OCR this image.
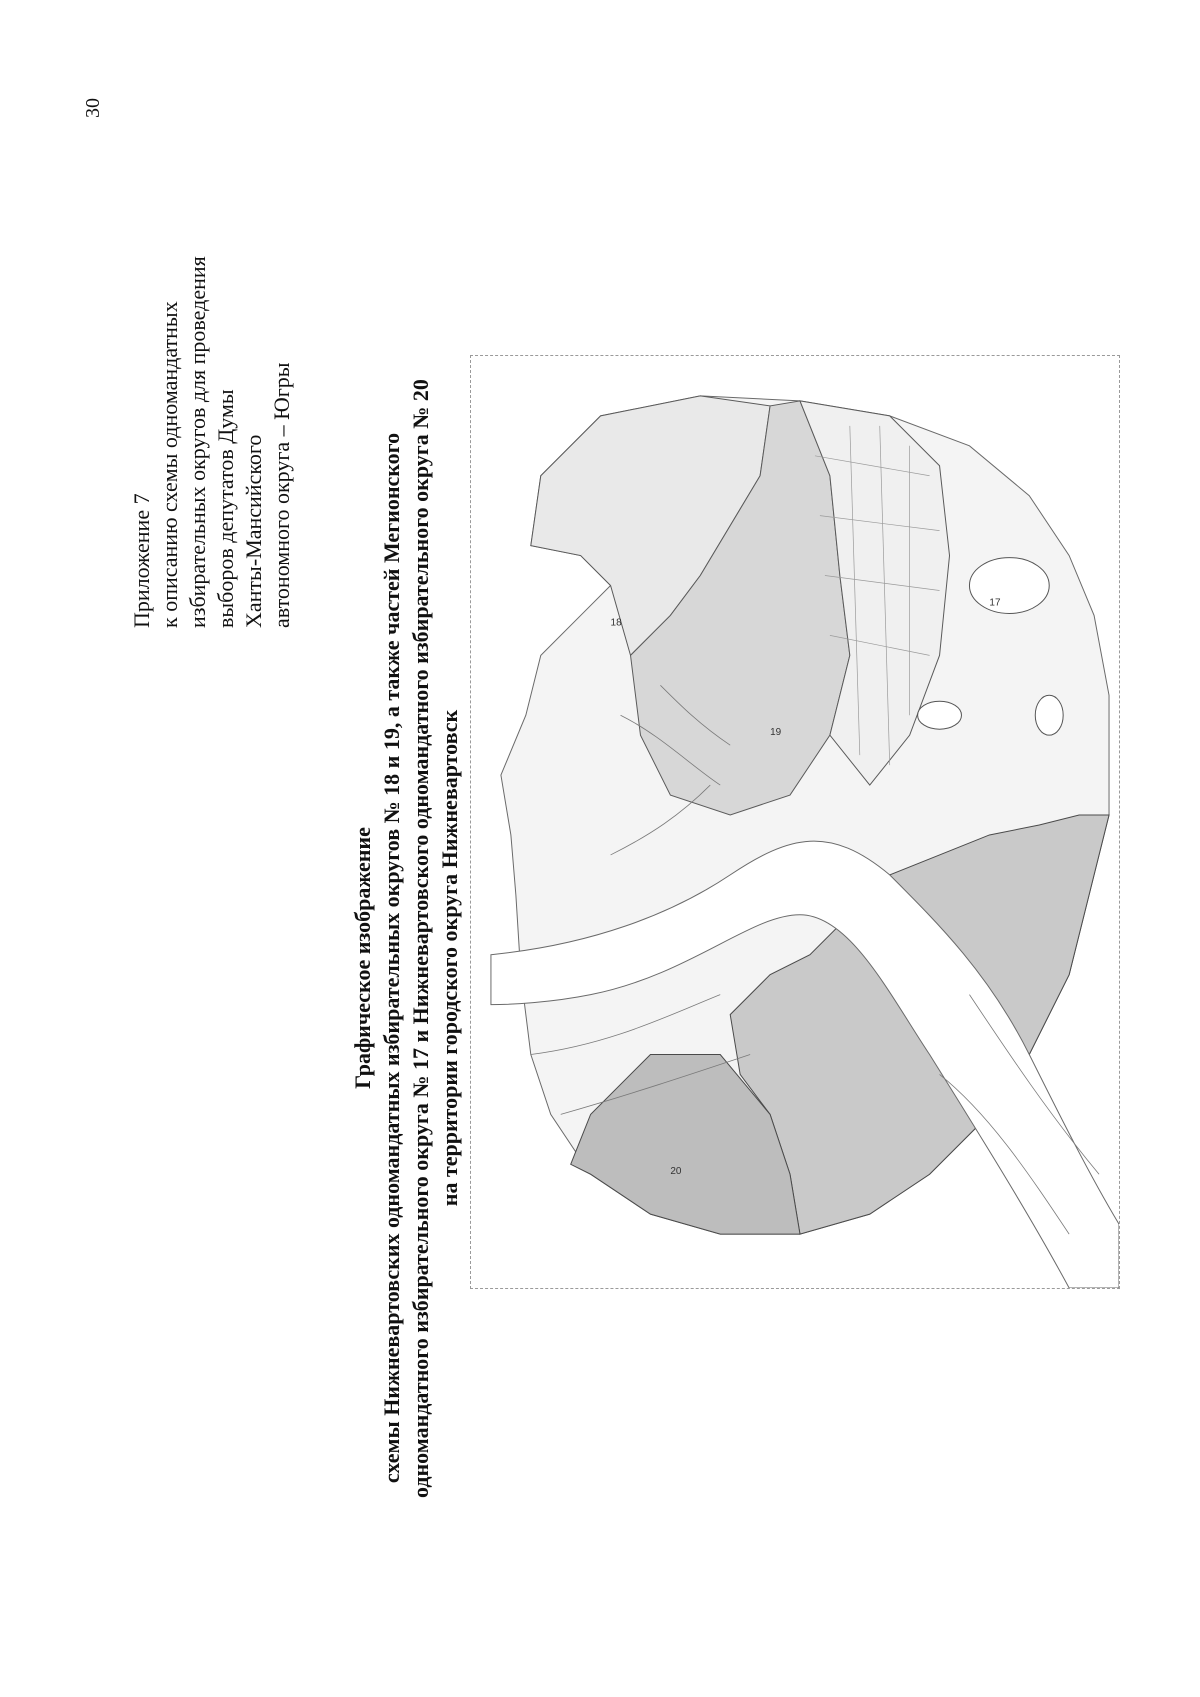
30
Приложение 7 к описанию схемы одномандатных избирательных округов для проведения выборов депутатов Думы Ханты-Мансийского автономного округа – Югры
Графическое изображение схемы Нижневартовских одномандатных избирательных округов № 18 и 19, а также частей Мегионского одномандатного избирательного округа № 17 и Нижневартовского одномандатного избирательного округа № 20 на территории городского округа Нижневартовск
18
19
17
20
